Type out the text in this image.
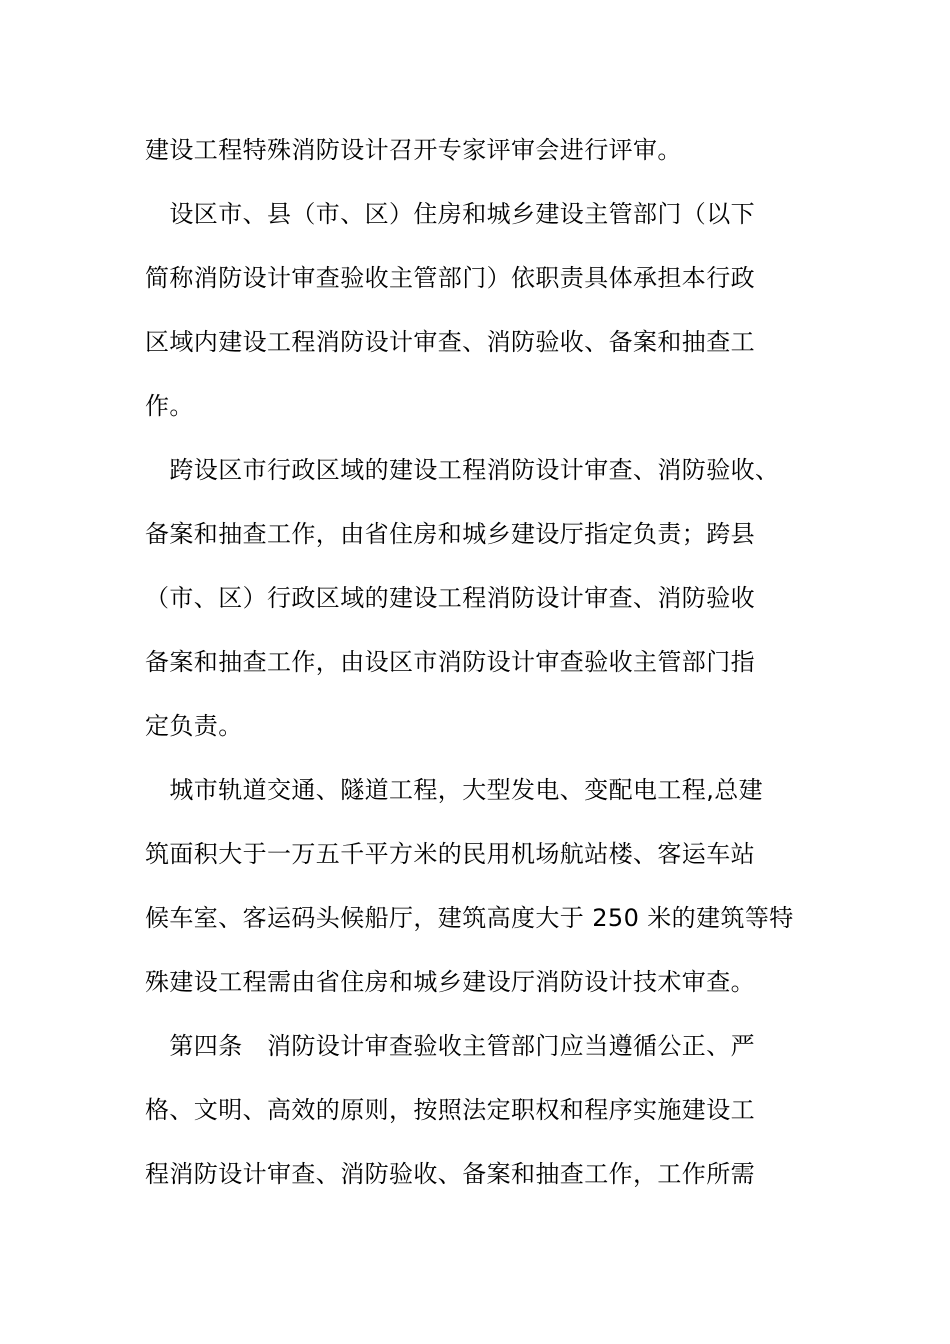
建设工程特殊消防设计召开专家评审会进行评审。
　设区市、县（市、区）住房和城乡建设主管部门（以下
简称消防设计审查验收主管部门）依职责具体承担本行政
区域内建设工程消防设计审查、消防验收、备案和抽查工
作。
　跨设区市行政区域的建设工程消防设计审查、消防验收、
备案和抽查工作，由省住房和城乡建设厅指定负责；跨县
（市、区）行政区域的建设工程消防设计审查、消防验收
备案和抽查工作，由设区市消防设计审查验收主管部门指
定负责。
　城市轨道交通、隧道工程，大型发电、变配电工程,总建
筑面积大于一万五千平方米的民用机场航站楼、客运车站
候车室、客运码头候船厅，建筑高度大于 250 米的建筑等特
殊建设工程需由省住房和城乡建设厅消防设计技术审查。
　第四条　消防设计审查验收主管部门应当遵循公正、严
格、文明、高效的原则，按照法定职权和程序实施建设工
程消防设计审查、消防验收、备案和抽查工作，工作所需
